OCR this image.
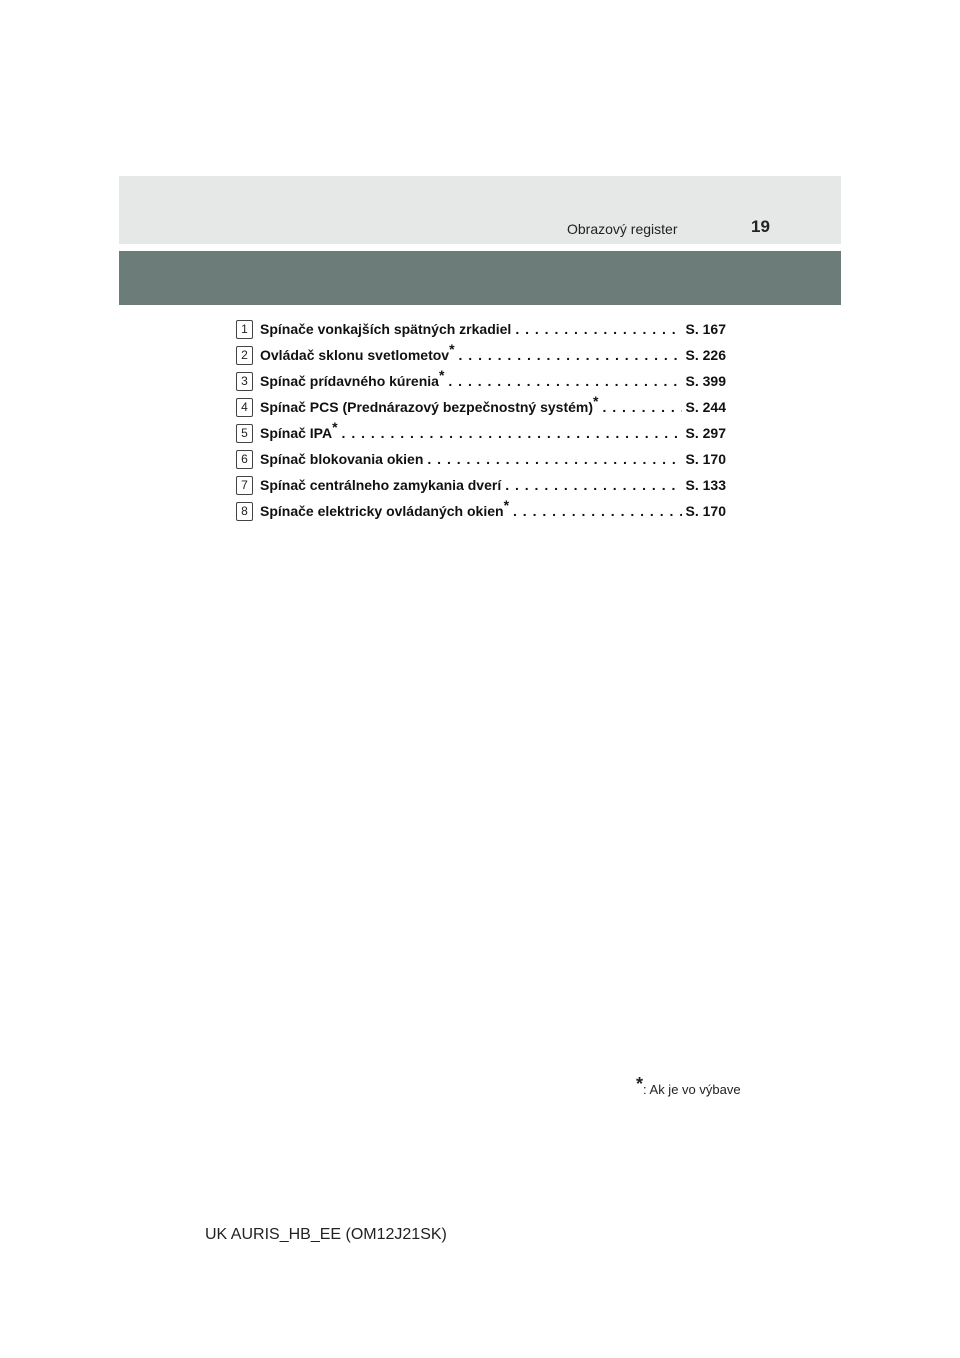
Obrazový register	19
1 Spínače vonkajších spätných zrkadiel . . .	S. 167
2 Ovládač sklonu svetlometov* . . .	S. 226
3 Spínač prídavného kúrenia* . . .	S. 399
4 Spínač PCS (Prednárazový bezpečnostný systém)* . . .	S. 244
5 Spínač IPA* . . .	S. 297
6 Spínač blokovania okien . . .	S. 170
7 Spínač centrálneho zamykania dverí . . .	S. 133
8 Spínače elektricky ovládaných okien* . . .	S. 170
*: Ak je vo výbave
UK AURIS_HB_EE (OM12J21SK)
